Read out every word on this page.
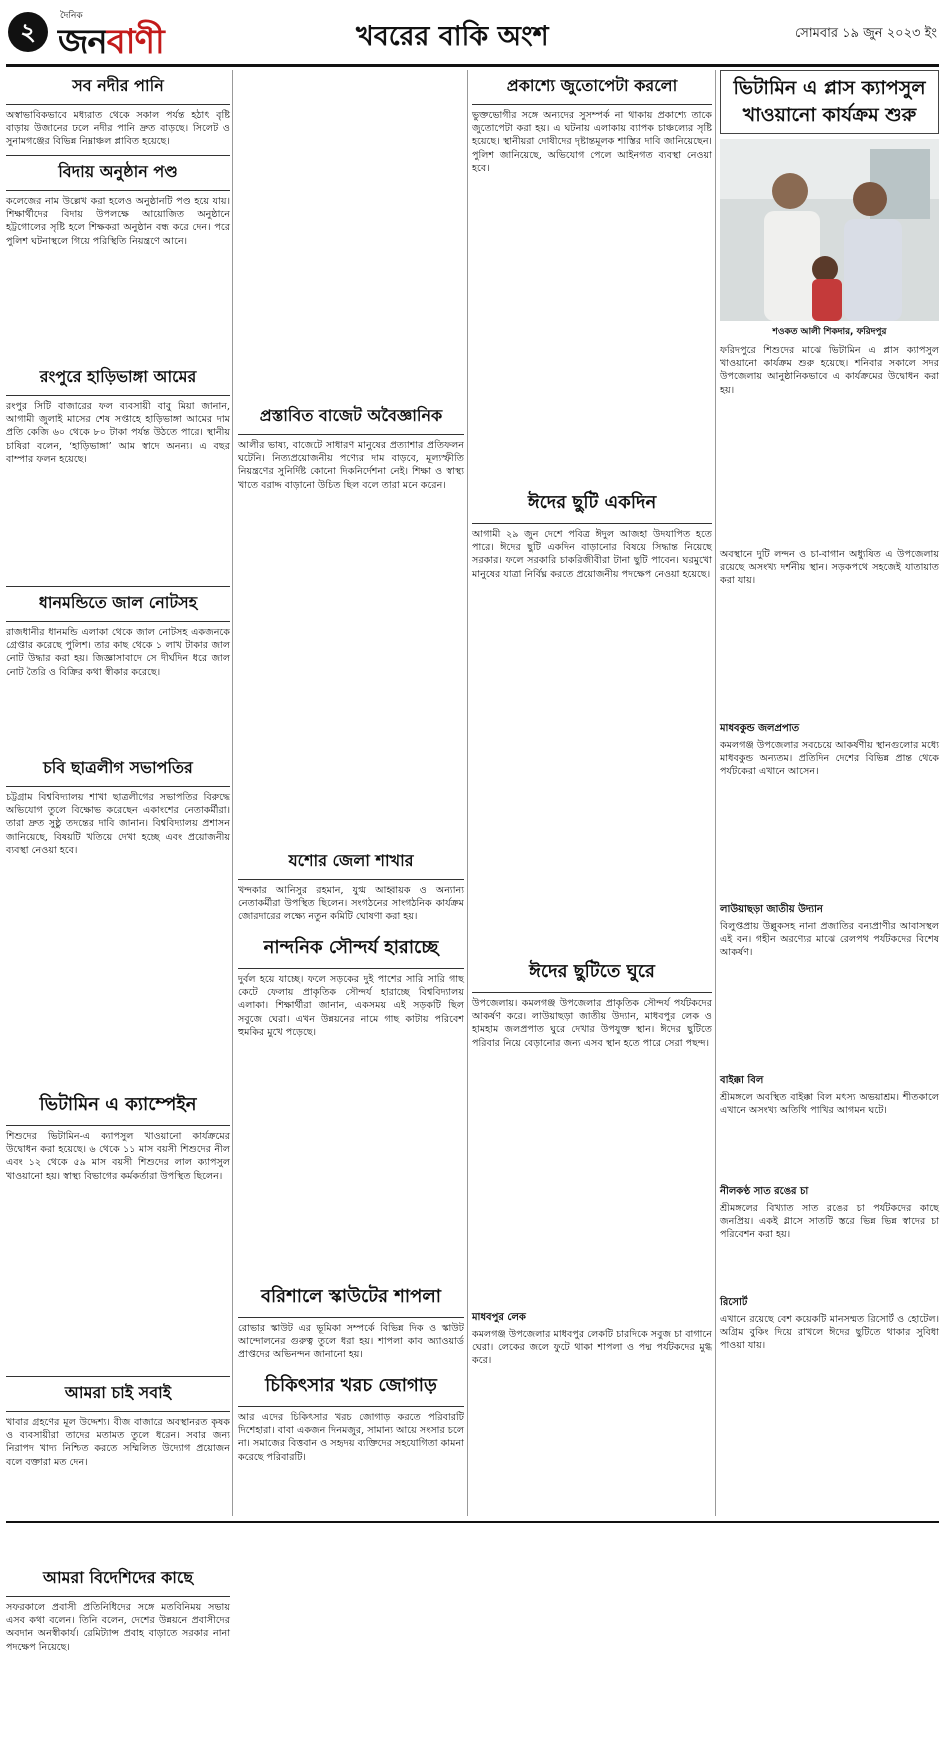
২
দৈনিক
জনবাণী	খবরের বাকি অংশ	সোমবার ১৯ জুন ২০২৩ ইং
সব নদীর পানি
অস্বাভাবিকভাবে মধ্যরাত থেকে সকাল পর্যন্ত হঠাৎ বৃষ্টি বাড়ায় উজানের ঢলে নদীর পানি দ্রুত বাড়ছে। সিলেট ও সুনামগঞ্জের বিভিন্ন নিম্নাঞ্চল প্লাবিত হয়েছে।
বিদায় অনুষ্ঠান পণ্ড
কলেজের নাম উল্লেখ করা হলেও অনুষ্ঠানটি পণ্ড হয়ে যায়। শিক্ষার্থীদের বিদায় উপলক্ষে আয়োজিত অনুষ্ঠানে হট্টগোলের সৃষ্টি হলে শিক্ষকরা অনুষ্ঠান বন্ধ করে দেন। পরে পুলিশ ঘটনাস্থলে গিয়ে পরিস্থিতি নিয়ন্ত্রণে আনে।
রংপুরে হাড়িভাঙ্গা আমের
রংপুর সিটি বাজারের ফল ব্যবসায়ী বাবু মিয়া জানান, আগামী জুলাই মাসের শেষ সপ্তাহে হাড়িভাঙ্গা আমের দাম প্রতি কেজি ৬০ থেকে ৮০ টাকা পর্যন্ত উঠতে পারে। স্থানীয় চাষিরা বলেন, ‘হাড়িভাঙ্গা’ আম স্বাদে অনন্য। এ বছর বাম্পার ফলন হয়েছে।
ধানমন্ডিতে জাল নোটসহ
রাজধানীর ধানমন্ডি এলাকা থেকে জাল নোটসহ একজনকে গ্রেপ্তার করেছে পুলিশ। তার কাছ থেকে ১ লাখ টাকার জাল নোট উদ্ধার করা হয়। জিজ্ঞাসাবাদে সে দীর্ঘদিন ধরে জাল নোট তৈরি ও বিক্রির কথা স্বীকার করেছে।
চবি ছাত্রলীগ সভাপতির
চট্টগ্রাম বিশ্ববিদ্যালয় শাখা ছাত্রলীগের সভাপতির বিরুদ্ধে অভিযোগ তুলে বিক্ষোভ করেছেন একাংশের নেতাকর্মীরা। তারা দ্রুত সুষ্ঠু তদন্তের দাবি জানান। বিশ্ববিদ্যালয় প্রশাসন জানিয়েছে, বিষয়টি খতিয়ে দেখা হচ্ছে এবং প্রয়োজনীয় ব্যবস্থা নেওয়া হবে।
ভিটামিন এ ক্যাম্পেইন
শিশুদের ভিটামিন-এ ক্যাপসুল খাওয়ানো কার্যক্রমের উদ্বোধন করা হয়েছে। ৬ থেকে ১১ মাস বয়সী শিশুদের নীল এবং ১২ থেকে ৫৯ মাস বয়সী শিশুদের লাল ক্যাপসুল খাওয়ানো হয়। স্বাস্থ্য বিভাগের কর্মকর্তারা উপস্থিত ছিলেন।
আমরা চাই সবাই
খাবার গ্রহণের মূল উদ্দেশ্য। বীজ বাজারে অবস্থানরত কৃষক ও ব্যবসায়ীরা তাদের মতামত তুলে ধরেন। সবার জন্য নিরাপদ খাদ্য নিশ্চিত করতে সম্মিলিত উদ্যোগ প্রয়োজন বলে বক্তারা মত দেন।
আমরা বিদেশিদের কাছে
সফরকালে প্রবাসী প্রতিনিধিদের সঙ্গে মতবিনিময় সভায় এসব কথা বলেন। তিনি বলেন, দেশের উন্নয়নে প্রবাসীদের অবদান অনস্বীকার্য। রেমিট্যান্স প্রবাহ বাড়াতে সরকার নানা পদক্ষেপ নিয়েছে।
প্রস্তাবিত বাজেট অবৈজ্ঞানিক
আলীর ভাষ্য, বাজেটে সাধারণ মানুষের প্রত্যাশার প্রতিফলন ঘটেনি। নিত্যপ্রয়োজনীয় পণ্যের দাম বাড়বে, মূল্যস্ফীতি নিয়ন্ত্রণের সুনির্দিষ্ট কোনো দিকনির্দেশনা নেই। শিক্ষা ও স্বাস্থ্য খাতে বরাদ্দ বাড়ানো উচিত ছিল বলে তারা মনে করেন।
যশোর জেলা শাখার
খন্দকার আনিসুর রহমান, যুগ্ম আহ্বায়ক ও অন্যান্য নেতাকর্মীরা উপস্থিত ছিলেন। সংগঠনের সাংগঠনিক কার্যক্রম জোরদারের লক্ষ্যে নতুন কমিটি ঘোষণা করা হয়।
নান্দনিক সৌন্দর্য হারাচ্ছে
দুর্বল হয়ে যাচ্ছে। ফলে সড়কের দুই পাশের সারি সারি গাছ কেটে ফেলায় প্রাকৃতিক সৌন্দর্য হারাচ্ছে বিশ্ববিদ্যালয় এলাকা। শিক্ষার্থীরা জানান, একসময় এই সড়কটি ছিল সবুজে ঘেরা। এখন উন্নয়নের নামে গাছ কাটায় পরিবেশ হুমকির মুখে পড়েছে।
বরিশালে স্কাউটের শাপলা
রোভার স্কাউট এর ভূমিকা সম্পর্কে বিভিন্ন দিক ও স্কাউট আন্দোলনের গুরুত্ব তুলে ধরা হয়। শাপলা কাব অ্যাওয়ার্ড প্রাপ্তদের অভিনন্দন জানানো হয়।
চিকিৎসার খরচ জোগাড়
আর এদের চিকিৎসার খরচ জোগাড় করতে পরিবারটি দিশেহারা। বাবা একজন দিনমজুর, সামান্য আয়ে সংসার চলে না। সমাজের বিত্তবান ও সহৃদয় ব্যক্তিদের সহযোগিতা কামনা করেছে পরিবারটি।
প্রকাশ্যে জুতোপেটা করলো
ভুক্তভোগীর সঙ্গে অন্যদের সুসম্পর্ক না থাকায় প্রকাশ্যে তাকে জুতোপেটা করা হয়। এ ঘটনায় এলাকায় ব্যাপক চাঞ্চল্যের সৃষ্টি হয়েছে। স্থানীয়রা দোষীদের দৃষ্টান্তমূলক শাস্তির দাবি জানিয়েছেন। পুলিশ জানিয়েছে, অভিযোগ পেলে আইনগত ব্যবস্থা নেওয়া হবে।
ঈদের ছুটি একদিন
আগামী ২৯ জুন দেশে পবিত্র ঈদুল আজহা উদযাপিত হতে পারে। ঈদের ছুটি একদিন বাড়ানোর বিষয়ে সিদ্ধান্ত নিয়েছে সরকার। ফলে সরকারি চাকরিজীবীরা টানা ছুটি পাবেন। ঘরমুখো মানুষের যাত্রা নির্বিঘ্ন করতে প্রয়োজনীয় পদক্ষেপ নেওয়া হয়েছে।
ঈদের ছুটিতে ঘুরে
উপজেলায়। কমলগঞ্জ উপজেলার প্রাকৃতিক সৌন্দর্য পর্যটকদের আকর্ষণ করে। লাউয়াছড়া জাতীয় উদ্যান, মাধবপুর লেক ও হামহাম জলপ্রপাত ঘুরে দেখার উপযুক্ত স্থান। ঈদের ছুটিতে পরিবার নিয়ে বেড়ানোর জন্য এসব স্থান হতে পারে সেরা পছন্দ।
মাধবপুর লেক
কমলগঞ্জ উপজেলার মাধবপুর লেকটি চারদিকে সবুজ চা বাগানে ঘেরা। লেকের জলে ফুটে থাকা শাপলা ও পদ্ম পর্যটকদের মুগ্ধ করে।
ভিটামিন এ প্লাস ক্যাপসুল খাওয়ানো কার্যক্রম শুরু
শওকত আলী শিকদার, ফরিদপুর
ফরিদপুরে শিশুদের মাঝে ভিটামিন এ প্লাস ক্যাপসুল খাওয়ানো কার্যক্রম শুরু হয়েছে। শনিবার সকালে সদর উপজেলায় আনুষ্ঠানিকভাবে এ কার্যক্রমের উদ্বোধন করা হয়।
অবস্থানে দুটি লন্দন ও চা-বাগান অধ্যুষিত এ উপজেলায় রয়েছে অসংখ্য দর্শনীয় স্থান। সড়কপথে সহজেই যাতায়াত করা যায়।
মাধবকুন্ড জলপ্রপাত
কমলগঞ্জ উপজেলার সবচেয়ে আকর্ষণীয় স্থানগুলোর মধ্যে মাধবকুন্ড অন্যতম। প্রতিদিন দেশের বিভিন্ন প্রান্ত থেকে পর্যটকেরা এখানে আসেন।
লাউয়াছড়া জাতীয় উদ্যান
বিলুপ্তপ্রায় উল্লুকসহ নানা প্রজাতির বন্যপ্রাণীর আবাসস্থল এই বন। গহীন অরণ্যের মাঝে রেলপথ পর্যটকদের বিশেষ আকর্ষণ।
বাইক্কা বিল
শ্রীমঙ্গলে অবস্থিত বাইক্কা বিল মৎস্য অভয়াশ্রম। শীতকালে এখানে অসংখ্য অতিথি পাখির আগমন ঘটে।
নীলকণ্ঠ সাত রঙের চা
শ্রীমঙ্গলের বিখ্যাত সাত রঙের চা পর্যটকদের কাছে জনপ্রিয়। একই গ্লাসে সাতটি স্তরে ভিন্ন ভিন্ন স্বাদের চা পরিবেশন করা হয়।
রিসোর্ট
এখানে রয়েছে বেশ কয়েকটি মানসম্মত রিসোর্ট ও হোটেল। অগ্রিম বুকিং দিয়ে রাখলে ঈদের ছুটিতে থাকার সুবিধা পাওয়া যায়।
